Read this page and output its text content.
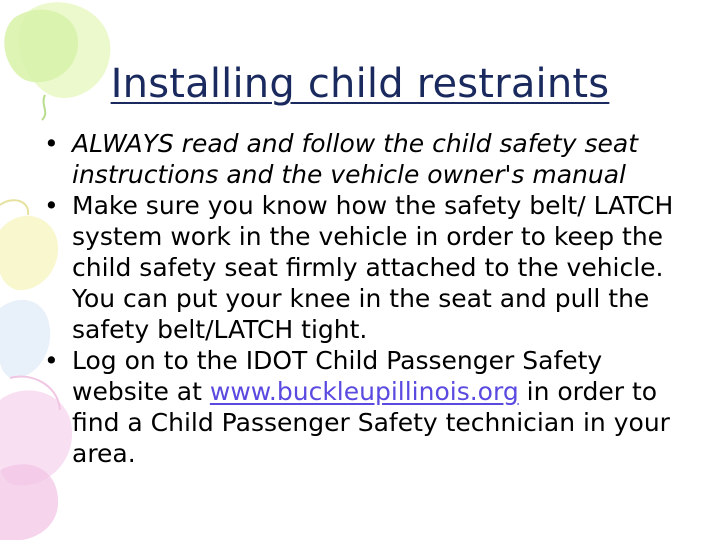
Installing child restraints
• ALWAYS read and follow the child safety seat instructions and the vehicle owner's manual
• Make sure you know how the safety belt/ LATCH system work in the vehicle in order to keep the child safety seat firmly attached to the vehicle. You can put your knee in the seat and pull the safety belt/LATCH tight.
• Log on to the IDOT Child Passenger Safety website at www.buckleupillinois.org in order to find a Child Passenger Safety technician in your area.
